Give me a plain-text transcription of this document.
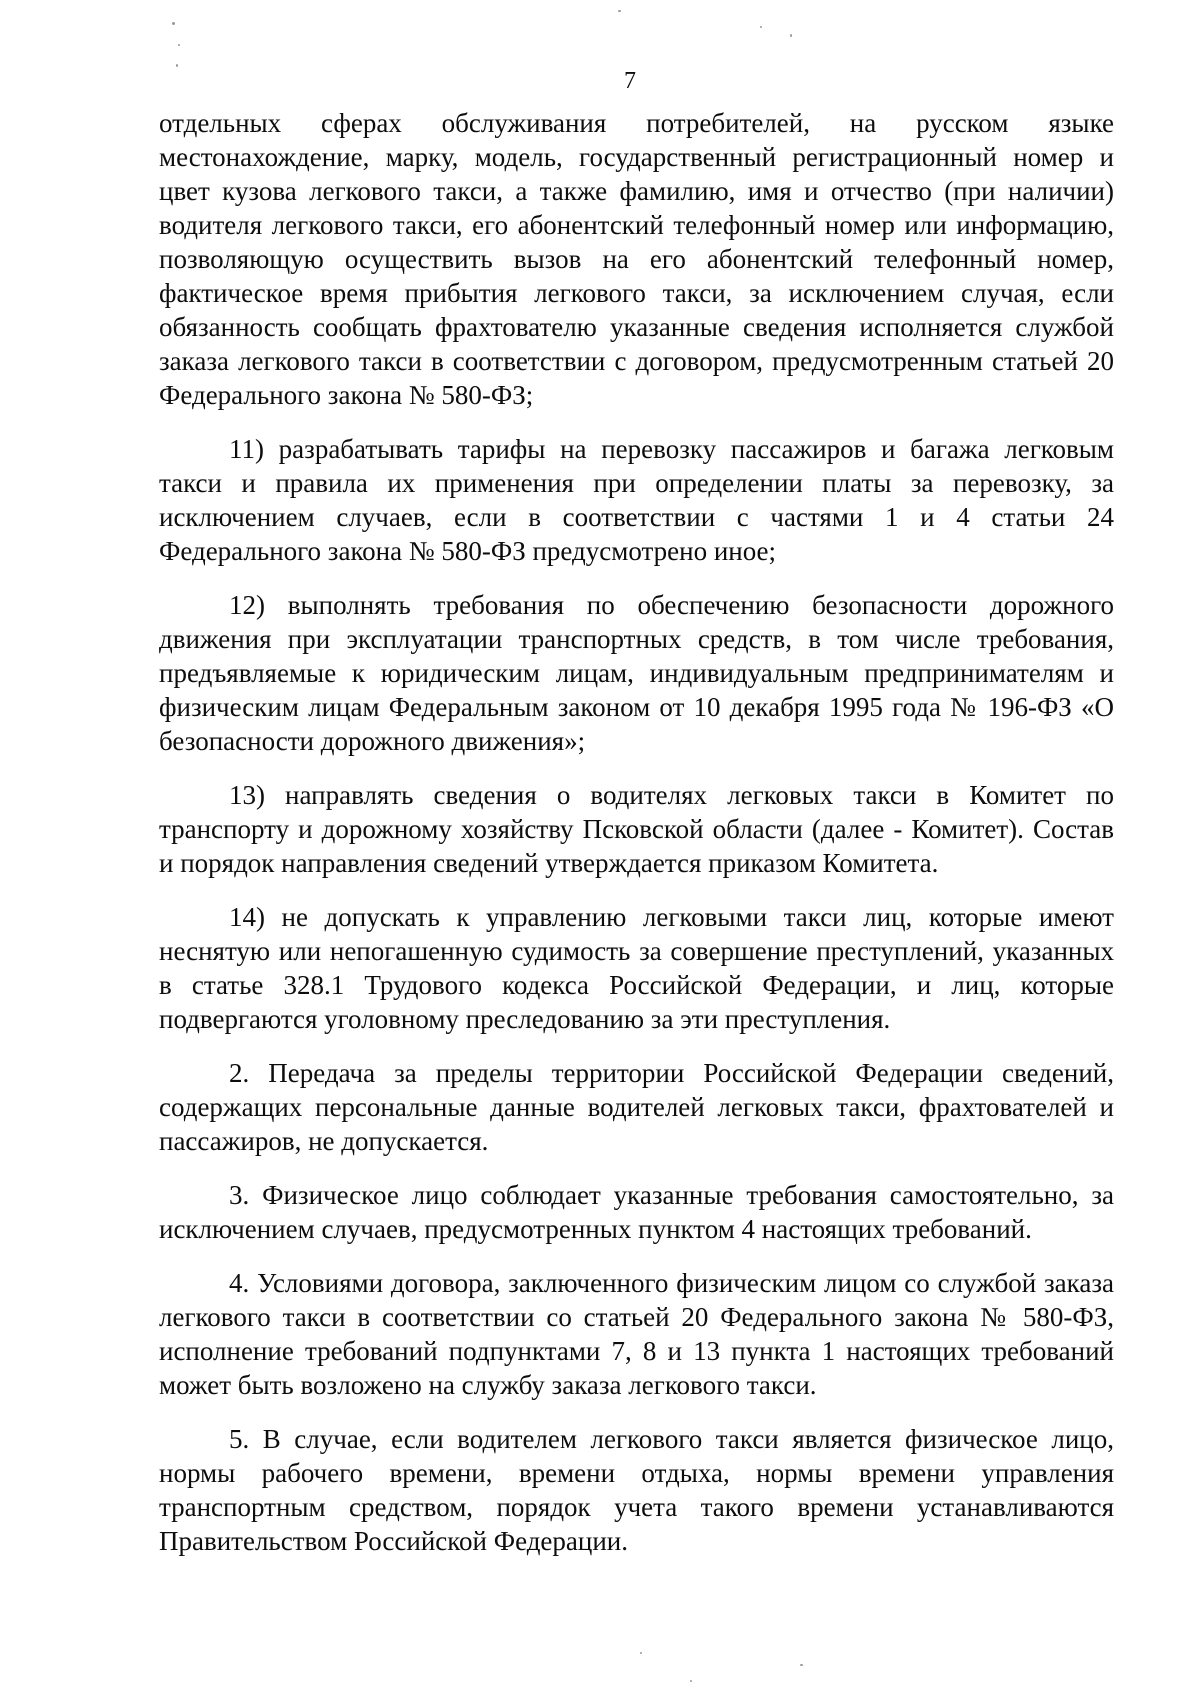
7

отдельных сферах обслуживания потребителей, на русском языке местонахождение, марку, модель, государственный регистрационный номер и цвет кузова легкового такси, а также фамилию, имя и отчество (при наличии) водителя легкового такси, его абонентский телефонный номер или информацию, позволяющую осуществить вызов на его абонентский телефонный номер, фактическое время прибытия легкового такси, за исключением случая, если обязанность сообщать фрахтователю указанные сведения исполняется службой заказа легкового такси в соответствии с договором, предусмотренным статьей 20 Федерального закона № 580-ФЗ;

11) разрабатывать тарифы на перевозку пассажиров и багажа легковым такси и правила их применения при определении платы за перевозку, за исключением случаев, если в соответствии с частями 1 и 4 статьи 24 Федерального закона № 580-ФЗ предусмотрено иное;

12) выполнять требования по обеспечению безопасности дорожного движения при эксплуатации транспортных средств, в том числе требования, предъявляемые к юридическим лицам, индивидуальным предпринимателям и физическим лицам Федеральным законом от 10 декабря 1995 года № 196-ФЗ «О безопасности дорожного движения»;

13) направлять сведения о водителях легковых такси в Комитет по транспорту и дорожному хозяйству Псковской области (далее - Комитет). Состав и порядок направления сведений утверждается приказом Комитета.

14) не допускать к управлению легковыми такси лиц, которые имеют неснятую или непогашенную судимость за совершение преступлений, указанных в статье 328.1 Трудового кодекса Российской Федерации, и лиц, которые подвергаются уголовному преследованию за эти преступления.

2. Передача за пределы территории Российской Федерации сведений, содержащих персональные данные водителей легковых такси, фрахтователей и пассажиров, не допускается.

3. Физическое лицо соблюдает указанные требования самостоятельно, за исключением случаев, предусмотренных пунктом 4 настоящих требований.

4. Условиями договора, заключенного физическим лицом со службой заказа легкового такси в соответствии со статьей 20 Федерального закона № 580-ФЗ, исполнение требований подпунктами 7, 8 и 13 пункта 1 настоящих требований может быть возложено на службу заказа легкового такси.

5. В случае, если водителем легкового такси является физическое лицо, нормы рабочего времени, времени отдыха, нормы времени управления транспортным средством, порядок учета такого времени устанавливаются Правительством Российской Федерации.
